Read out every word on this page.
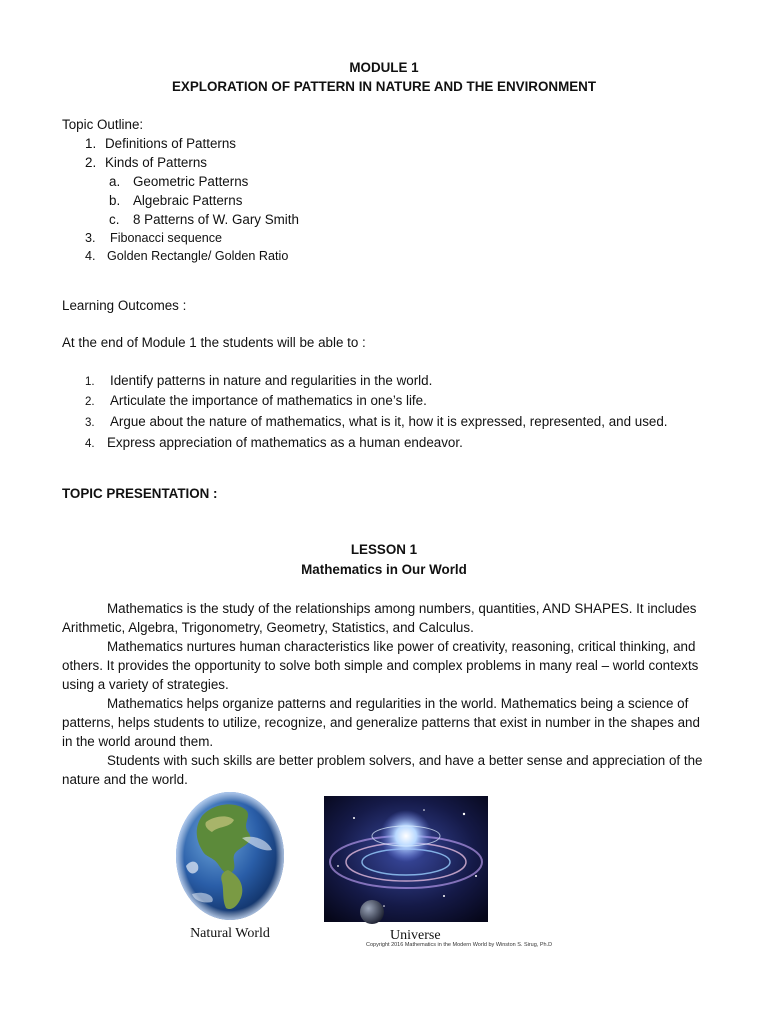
MODULE 1
EXPLORATION OF PATTERN IN NATURE AND THE ENVIRONMENT
Topic Outline:
1. Definitions of Patterns
2. Kinds of Patterns
a. Geometric Patterns
b. Algebraic Patterns
c. 8 Patterns of W. Gary Smith
3. Fibonacci sequence
4. Golden Rectangle/ Golden Ratio
Learning Outcomes :
At the end of Module 1 the students will be able to :
1. Identify patterns in nature and regularities in the world.
2. Articulate the importance of mathematics in one’s life.
3. Argue about the nature of mathematics, what is it, how it is expressed, represented, and used.
4. Express appreciation of mathematics as a human endeavor.
TOPIC PRESENTATION :
LESSON 1
Mathematics in Our World

Mathematics is the study of the relationships among numbers, quantities, AND SHAPES. It includes Arithmetic, Algebra, Trigonometry, Geometry, Statistics, and Calculus.

Mathematics nurtures human characteristics like power of creativity, reasoning, critical thinking, and others. It provides the opportunity to solve both simple and complex problems in many real – world contexts using a variety of strategies.

Mathematics helps organize patterns and regularities in the world. Mathematics being a science of patterns, helps students to utilize, recognize, and generalize patterns that exist in number in the shapes and in the world around them.

Students with such skills are better problem solvers, and have a better sense and appreciation of the nature and the world.

Natural World	Universe
Copyright 2016 Mathematics in the Modern World by Winston S. Sirug, Ph.D
